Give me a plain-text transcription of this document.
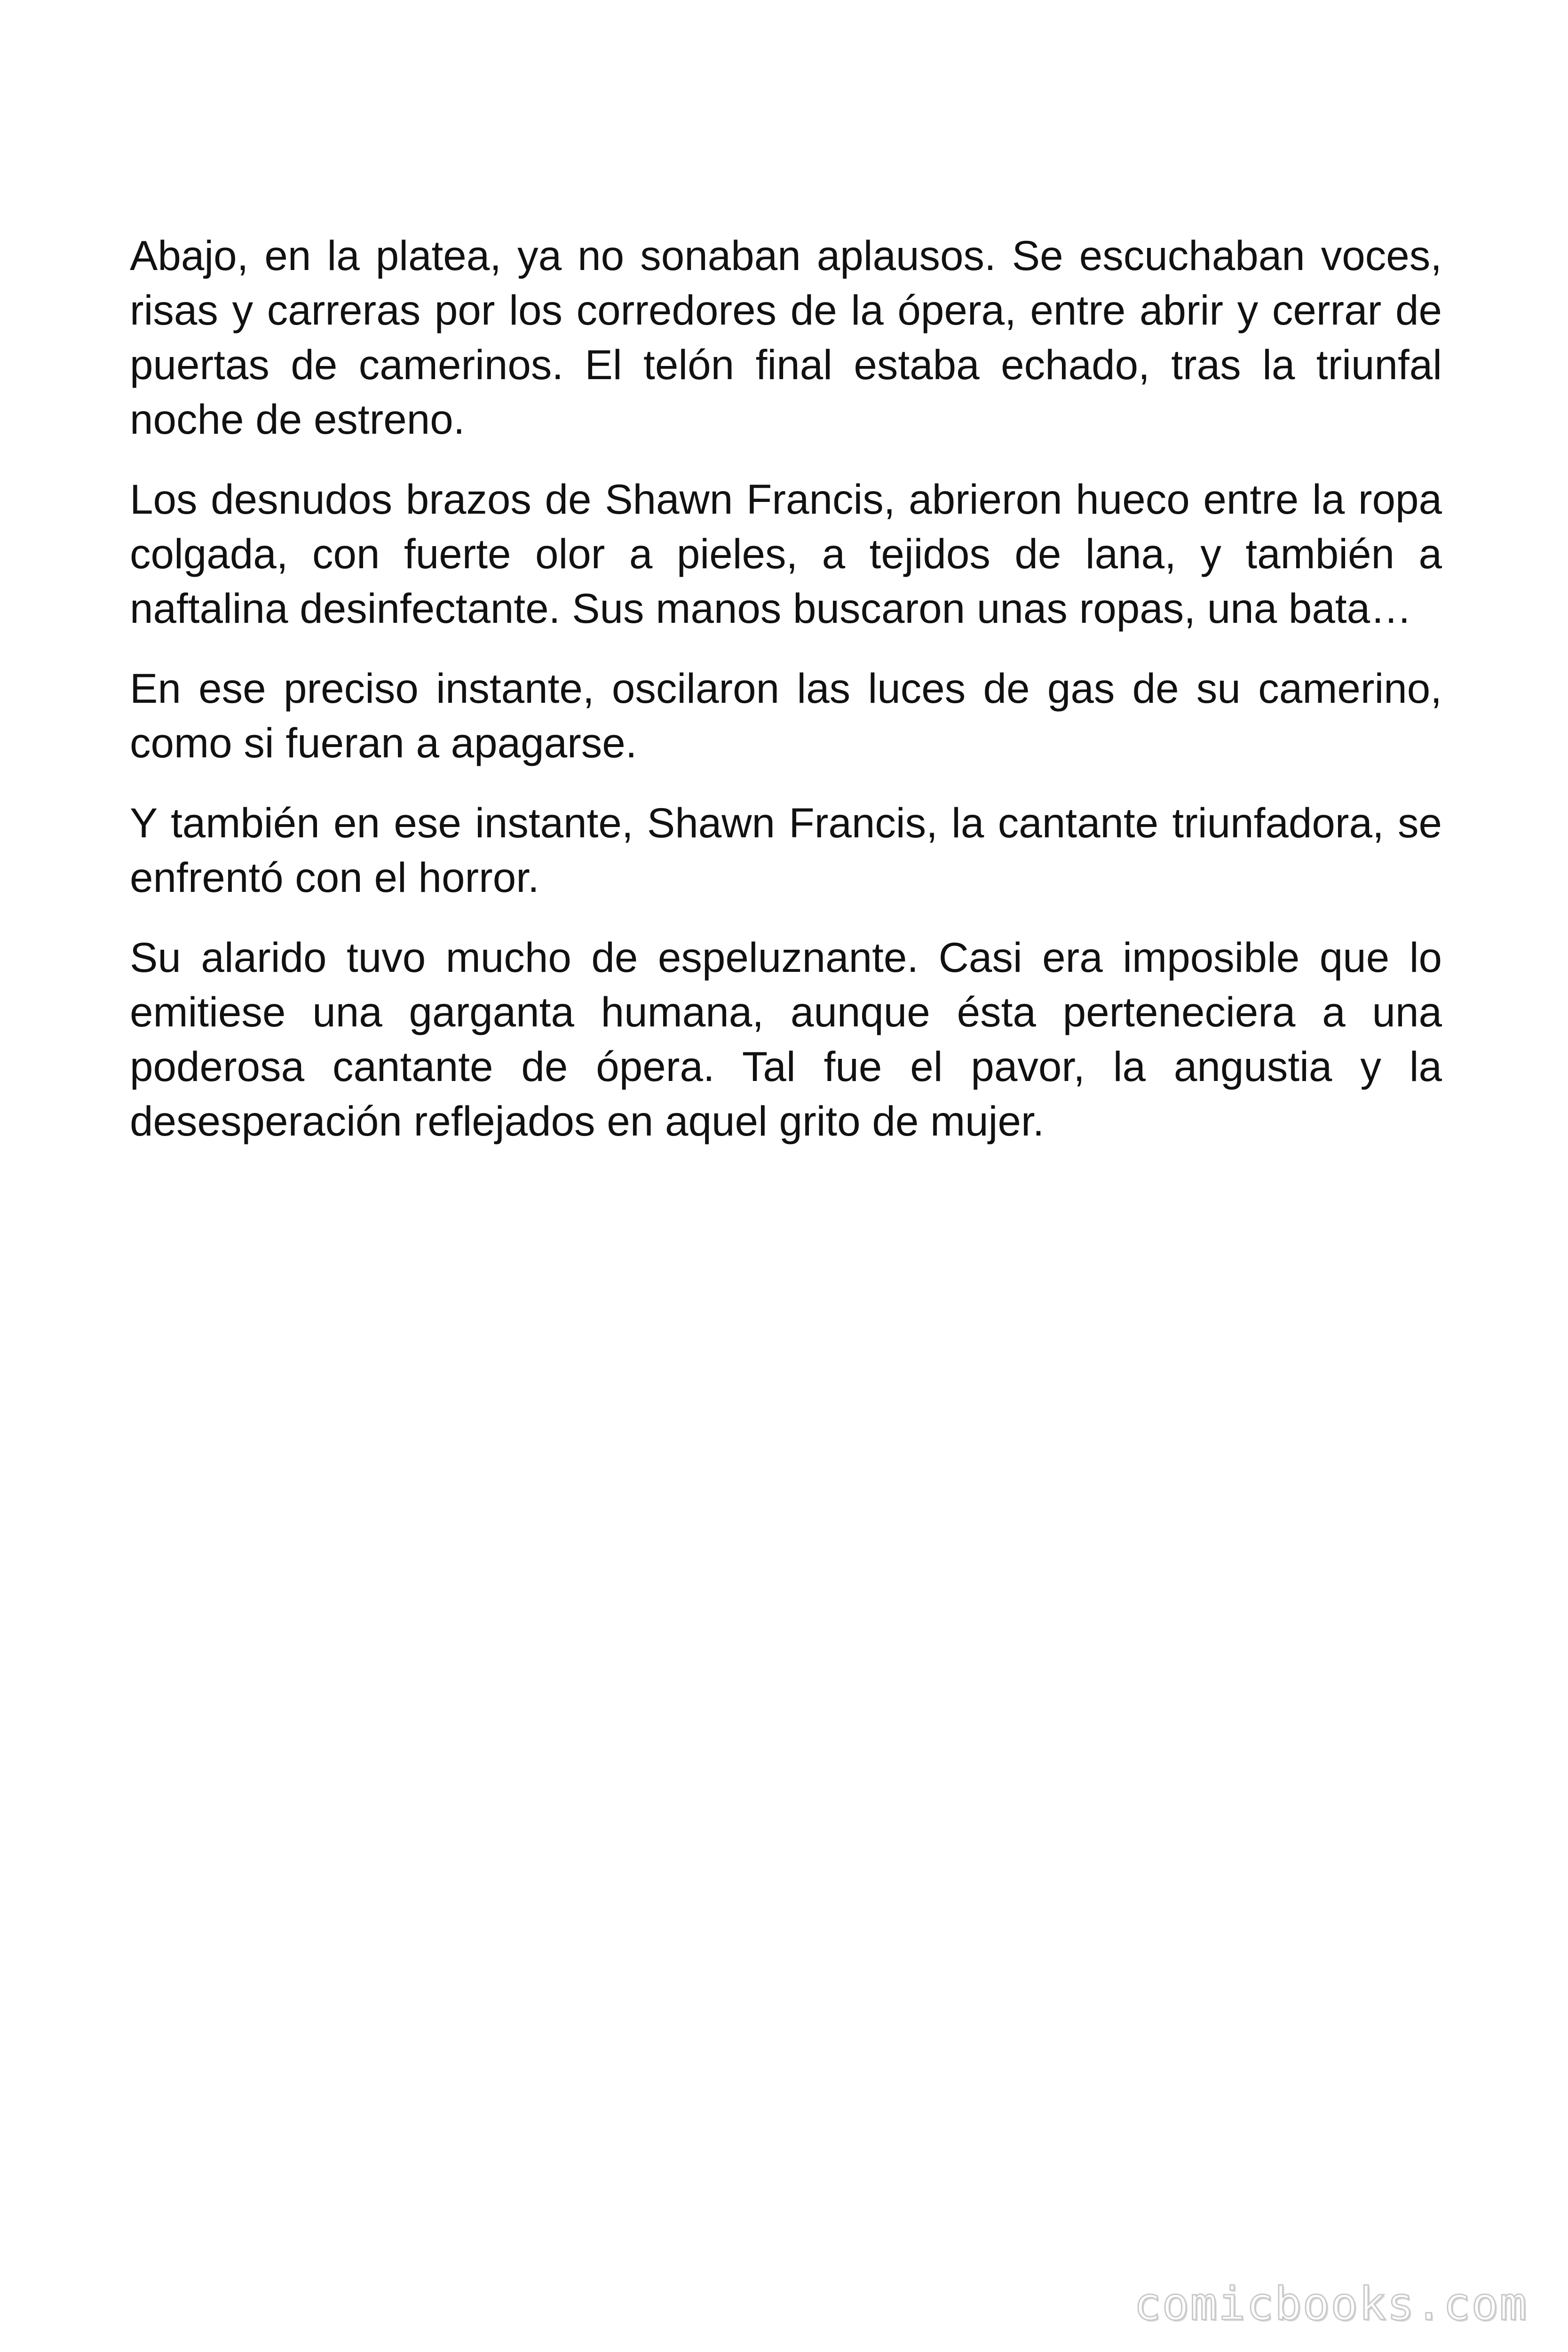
Abajo, en la platea, ya no sonaban aplausos. Se escuchaban voces, risas y carreras por los corredores de la ópera, entre abrir y cerrar de puertas de camerinos. El telón final estaba echado, tras la triunfal noche de estreno.

Los desnudos brazos de Shawn Francis, abrieron hueco entre la ropa colgada, con fuerte olor a pieles, a tejidos de lana, y también a naftalina desinfectante. Sus manos buscaron unas ropas, una bata…

En ese preciso instante, oscilaron las luces de gas de su camerino, como si fueran a apagarse.

Y también en ese instante, Shawn Francis, la cantante triunfadora, se enfrentó con el horror.

Su alarido tuvo mucho de espeluznante. Casi era imposible que lo emitiese una garganta humana, aunque ésta perteneciera a una poderosa cantante de ópera. Tal fue el pavor, la angustia y la desesperación reflejados en aquel grito de mujer.

comicbooks.com
